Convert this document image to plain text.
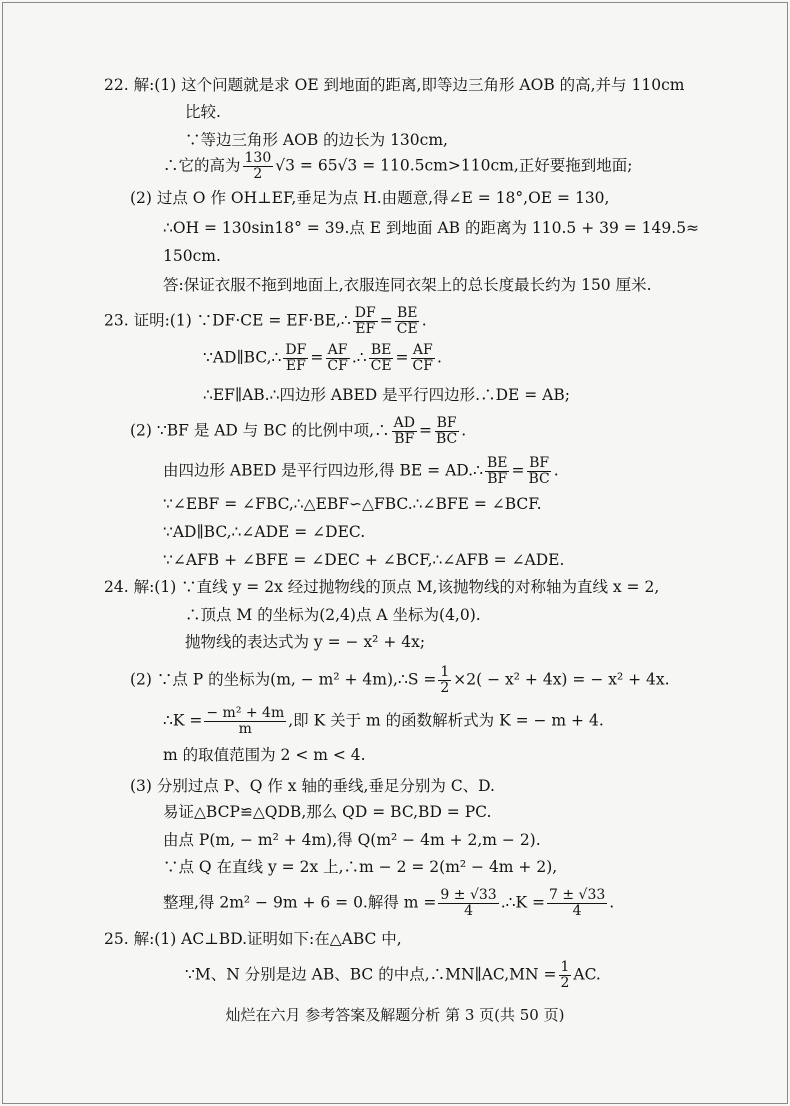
22. 解:(1) 这个问题就是求 OE 到地面的距离,即等边三角形 AOB 的高,并与 110cm
比较.
∵等边三角形 AOB 的边长为 130cm,
(2) 过点 O 作 OH⊥EF,垂足为点 H.由题意,得∠E = 18°,OE = 130,
∴OH = 130sin18° = 39.点 E 到地面 AB 的距离为 110.5 + 39 = 149.5≈
150cm.
答:保证衣服不拖到地面上,衣服连同衣架上的总长度最长约为 150 厘米.
∴EF∥AB.∴四边形 ABED 是平行四边形.∴DE = AB;
∵∠EBF = ∠FBC,∴△EBF∽△FBC.∴∠BFE = ∠BCF.
∵AD∥BC,∴∠ADE = ∠DEC.
∵∠AFB + ∠BFE = ∠DEC + ∠BCF,∴∠AFB = ∠ADE.
24. 解:(1) ∵直线 y = 2x 经过抛物线的顶点 M,该抛物线的对称轴为直线 x = 2,
∴顶点 M 的坐标为(2,4)点 A 坐标为(4,0).
抛物线的表达式为 y = − x² + 4x;
m 的取值范围为 2 < m < 4.
(3) 分别过点 P、Q 作 x 轴的垂线,垂足分别为 C、D.
易证△BCP≌△QDB,那么 QD = BC,BD = PC.
由点 P(m, − m² + 4m),得 Q(m² − 4m + 2,m − 2).
∵点 Q 在直线 y = 2x 上,∴m − 2 = 2(m² − 4m + 2),
25. 解:(1) AC⊥BD.证明如下:在△ABC 中,
∴它的高为 $\frac{130}{2} √3 = 65√3 = 110.5cm>110cm$,正好要拖到地面;
23. 证明:(1) ∵DF·CE = EF·BE,∴ $\frac{DF}{EF} = \frac{BE}{CE}$ .
∵AD∥BC,∴ $\frac{DF}{EF} = \frac{AF}{CF}$ .∴ $\frac{BE}{CE} = \frac{AF}{CF}$ .
(2) ∵BF 是 AD 与 BC 的比例中项,∴ $\frac{AD}{BF} = \frac{BF}{BC}$ .
由四边形 ABED 是平行四边形,得 BE = AD.∴ $\frac{BE}{BF} = \frac{BF}{BC}$ .
(2) ∵点 P 的坐标为(m, − m² + 4m),∴S = $\frac{1}{2} \times 2( - x^2 + 4x)$ = − x² + 4x.
∴K = $\frac{\text{− m² + 4m}}{m}$ ,即 K 关于 m 的函数解析式为 K = − m + 4.
整理,得 2m² − 9m + 6 = 0.解得 $m = \frac{9 \pm √33}{4}$ .∴K = $\frac{7 \pm √33}{4}$ .
∵M、N 分别是边 AB、BC 的中点,∴MN∥AC,MN = $\frac{1}{2}$ AC.
灿烂在六月 参考答案及解题分析 第 3 页(共 50 页)
